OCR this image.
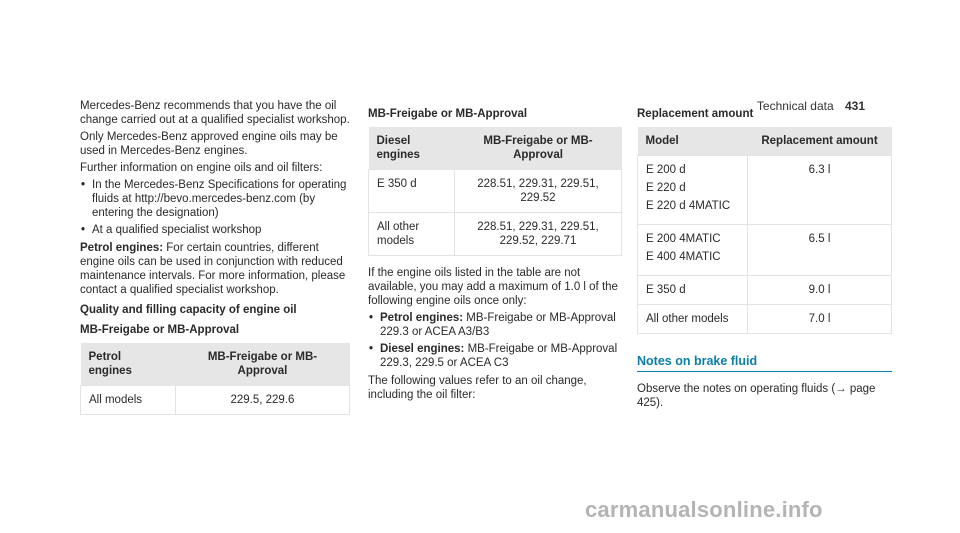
Technical data 431

Mercedes-Benz recommends that you have the oil change carried out at a qualified specialist workshop.

Only Mercedes-Benz approved engine oils may be used in Mercedes-Benz engines.

Further information on engine oils and oil filters:

• In the Mercedes-Benz Specifications for operating fluids at http://bevo.mercedes-benz.com (by entering the designation)
• At a qualified specialist workshop

Petrol engines: For certain countries, different engine oils can be used in conjunction with reduced maintenance intervals. For more information, please contact a qualified specialist workshop.

Quality and filling capacity of engine oil
MB-Freigabe or MB-Approval
Petrol engines	MB-Freigabe or MB-Approval
All models	229.5, 229.6
MB-Freigabe or MB-Approval
Diesel engines	MB-Freigabe or MB-Approval
E 350 d	228.51, 229.31, 229.51, 229.52
All other models	228.51, 229.31, 229.51, 229.52, 229.71

If the engine oils listed in the table are not available, you may add a maximum of 1.0 l of the following engine oils once only:

• Petrol engines: MB-Freigabe or MB-Approval 229.3 or ACEA A3/B3
• Diesel engines: MB-Freigabe or MB-Approval 229.3, 229.5 or ACEA C3

The following values refer to an oil change, including the oil filter:

Replacement amount
Model	Replacement amount

E 200 d
E 220 d
E 220 d 4MATIC	6.3 l

E 200 4MATIC
E 400 4MATIC	6.5 l
E 350 d	9.0 l
All other models	7.0 l
Notes on brake fluid

Observe the notes on operating fluids (→ page 425).

carmanualsonline.info
